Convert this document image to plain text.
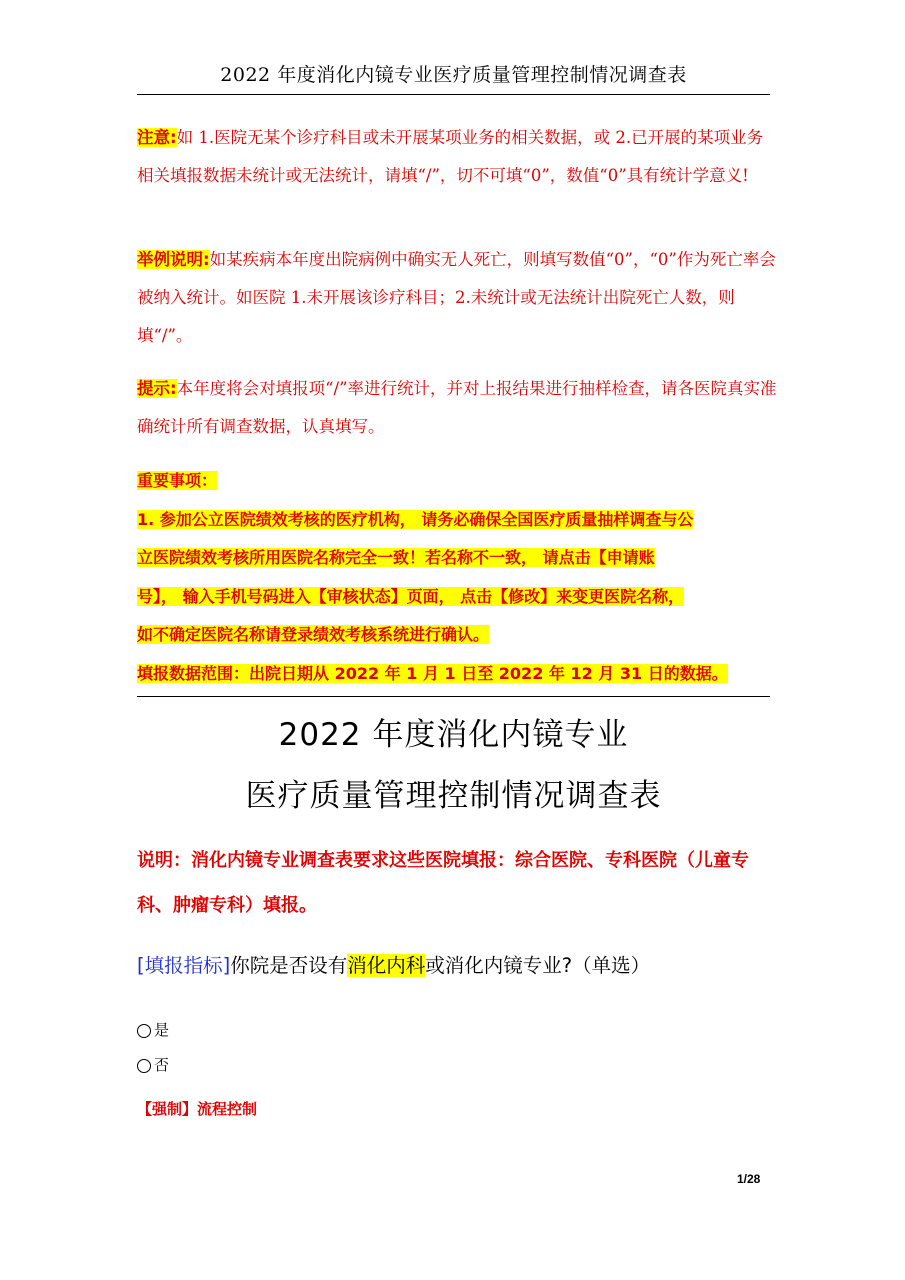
2022 年度消化内镜专业医疗质量管理控制情况调查表
注意:如 1.医院无某个诊疗科目或未开展某项业务的相关数据，或 2.已开展的某项业务相关填报数据未统计或无法统计，请填“/”，切不可填“0”，数值“0”具有统计学意义!
举例说明:如某疾病本年度出院病例中确实无人死亡，则填写数值“0”，“0”作为死亡率会被纳入统计。如医院 1.未开展该诊疗科目；2.未统计或无法统计出院死亡人数，则填“/”。
提示:本年度将会对填报项“/”率进行统计，并对上报结果进行抽样检查，请各医院真实准确统计所有调查数据，认真填写。
重要事项：
1. 参加公立医院绩效考核的医疗机构， 请务必确保全国医疗质量抽样调查与公
立医院绩效考核所用医院名称完全一致！若名称不一致， 请点击【申请账
号】， 输入手机号码进入【审核状态】页面， 点击【修改】来变更医院名称，
如不确定医院名称请登录绩效考核系统进行确认。
填报数据范围：出院日期从 2022 年 1 月 1 日至 2022 年 12 月 31 日的数据。
2022 年度消化内镜专业
医疗质量管理控制情况调查表
说明：消化内镜专业调查表要求这些医院填报：综合医院、专科医院（儿童专科、肿瘤专科）填报。
[填报指标]你院是否设有消化内科或消化内镜专业?（单选）
是
否
【强制】流程控制
1/28
